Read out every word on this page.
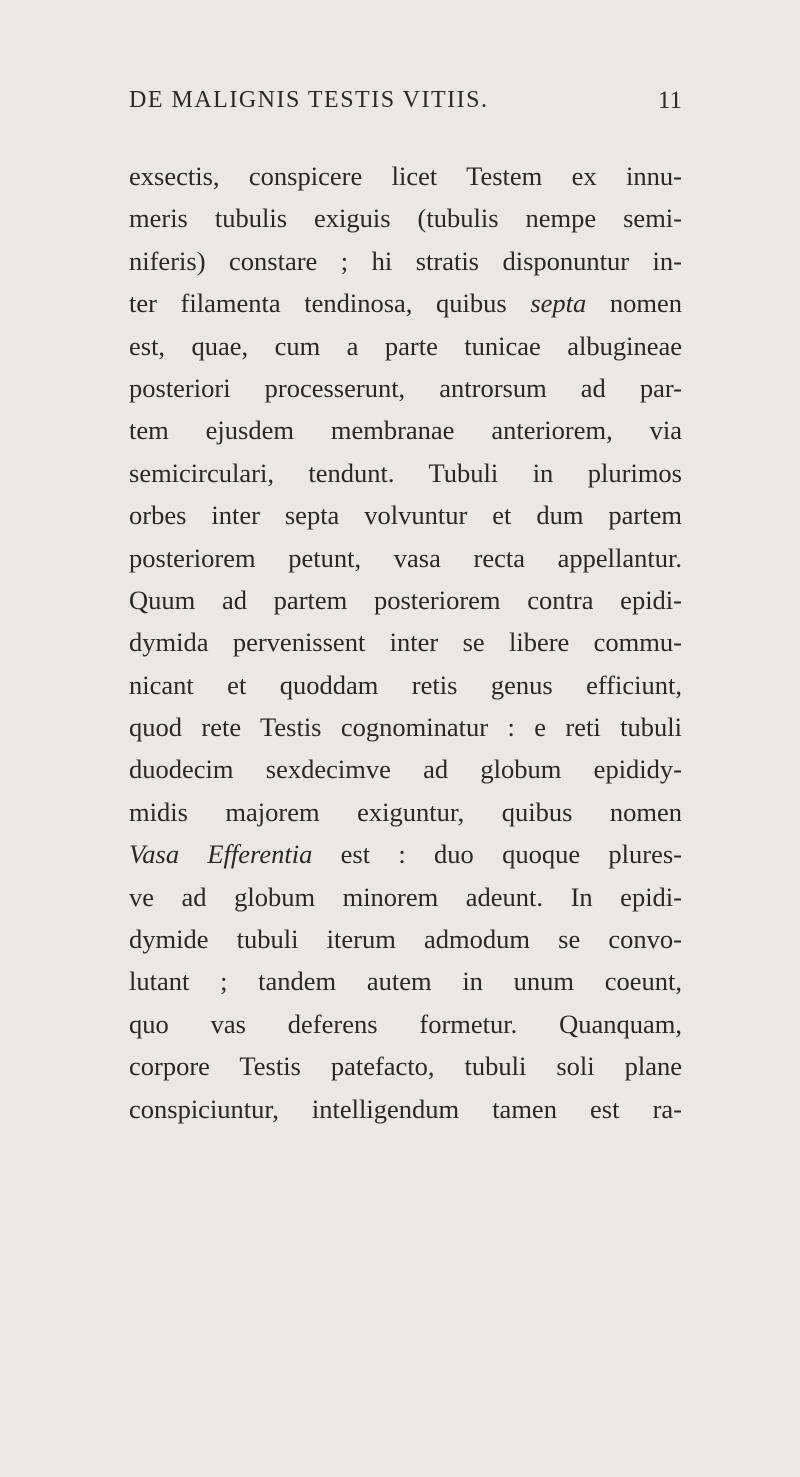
DE MALIGNIS TESTIS VITIIS.	11
exsectis, conspicere licet Testem ex innu-
meris tubulis exiguis (tubulis nempe semi-
niferis) constare ; hi stratis disponuntur in-
ter filamenta tendinosa, quibus septa nomen
est, quae, cum a parte tunicae albugineae
posteriori processerunt, antrorsum ad par-
tem ejusdem membranae anteriorem, via
semicirculari, tendunt. Tubuli in plurimos
orbes inter septa volvuntur et dum partem
posteriorem petunt, vasa recta appellantur.
Quum ad partem posteriorem contra epidi-
dymida pervenissent inter se libere commu-
nicant et quoddam retis genus efficiunt,
quod rete Testis cognominatur : e reti tubuli
duodecim sexdecimve ad globum epididy-
midis majorem exiguntur, quibus nomen
Vasa Efferentia est : duo quoque plures-
ve ad globum minorem adeunt. In epidi-
dymide tubuli iterum admodum se convo-
lutant ; tandem autem in unum coeunt,
quo vas deferens formetur. Quanquam,
corpore Testis patefacto, tubuli soli plane
conspiciuntur, intelligendum tamen est ra-
